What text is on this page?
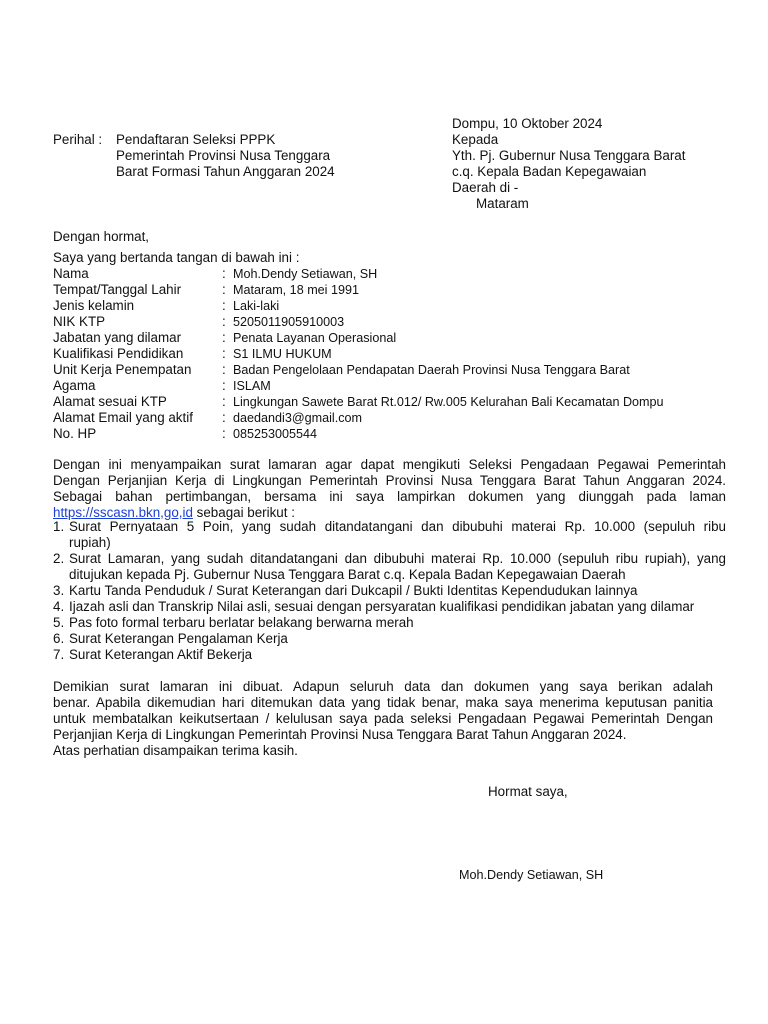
Dompu, 10 Oktober 2024
Kepada
Yth. Pj. Gubernur Nusa Tenggara Barat
c.q. Kepala Badan Kepegawaian
Daerah di -
Mataram
Perihal : Pendaftaran Seleksi PPPK
Pemerintah Provinsi Nusa Tenggara
Barat Formasi Tahun Anggaran 2024
Dengan hormat,
Saya yang bertanda tangan di bawah ini :
Nama	: Moh.Dendy Setiawan, SH
Tempat/Tanggal Lahir	: Mataram, 18 mei 1991
Jenis kelamin	: Laki-laki
NIK KTP	: 5205011905910003
Jabatan yang dilamar	: Penata Layanan Operasional
Kualifikasi Pendidikan	: S1 ILMU HUKUM
Unit Kerja Penempatan : Badan Pengelolaan Pendapatan Daerah Provinsi Nusa Tenggara Barat
Agama	: ISLAM
Alamat sesuai KTP	: Lingkungan Sawete Barat Rt.012/ Rw.005 Kelurahan Bali Kecamatan Dompu
Alamat Email yang aktif : daedandi3@gmail.com
No. HP	: 085253005544
Dengan ini menyampaikan surat lamaran agar dapat mengikuti Seleksi Pengadaan Pegawai Pemerintah
Dengan Perjanjian Kerja di Lingkungan Pemerintah Provinsi Nusa Tenggara Barat Tahun Anggaran 2024.
Sebagai bahan pertimbangan, bersama ini saya lampirkan dokumen yang diunggah pada laman
https://sscasn.bkn,go,id sebagai berikut :
1. Surat Pernyataan 5 Poin, yang sudah ditandatangani dan dibubuhi materai Rp. 10.000 (sepuluh ribu
rupiah)
2. Surat Lamaran, yang sudah ditandatangani dan dibubuhi materai Rp. 10.000 (sepuluh ribu rupiah), yang
ditujukan kepada Pj. Gubernur Nusa Tenggara Barat c.q. Kepala Badan Kepegawaian Daerah
3. Kartu Tanda Penduduk / Surat Keterangan dari Dukcapil / Bukti Identitas Kependudukan lainnya
4. Ijazah asli dan Transkrip Nilai asli, sesuai dengan persyaratan kualifikasi pendidikan jabatan yang dilamar
5. Pas foto formal terbaru berlatar belakang berwarna merah
6. Surat Keterangan Pengalaman Kerja
7. Surat Keterangan Aktif Bekerja
Demikian surat lamaran ini dibuat. Adapun seluruh data dan dokumen yang saya berikan adalah
benar. Apabila dikemudian hari ditemukan data yang tidak benar, maka saya menerima keputusan panitia
untuk membatalkan keikutsertaan / kelulusan saya pada seleksi Pengadaan Pegawai Pemerintah Dengan
Perjanjian Kerja di Lingkungan Pemerintah Provinsi Nusa Tenggara Barat Tahun Anggaran 2024.
Atas perhatian disampaikan terima kasih.
Hormat saya,
Moh.Dendy Setiawan, SH
